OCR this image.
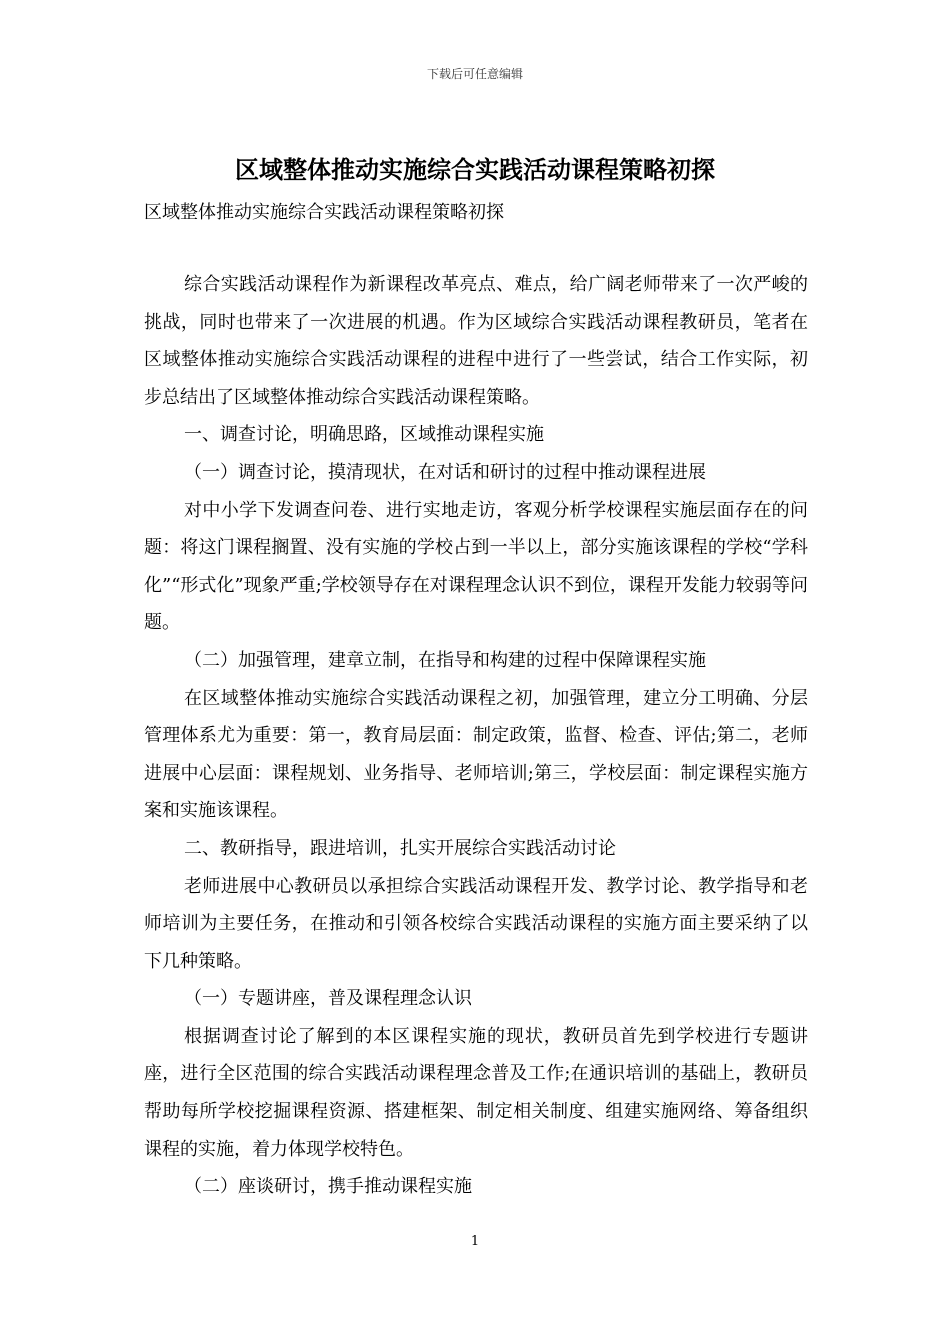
下载后可任意编辑
区域整体推动实施综合实践活动课程策略初探
区域整体推动实施综合实践活动课程策略初探

综合实践活动课程作为新课程改革亮点、难点，给广阔老师带来了一次严峻的挑战，同时也带来了一次进展的机遇。作为区域综合实践活动课程教研员，笔者在区域整体推动实施综合实践活动课程的进程中进行了一些尝试，结合工作实际，初步总结出了区域整体推动综合实践活动课程策略。

一、调查讨论，明确思路，区域推动课程实施

（一）调查讨论，摸清现状，在对话和研讨的过程中推动课程进展

对中小学下发调查问卷、进行实地走访，客观分析学校课程实施层面存在的问题：将这门课程搁置、没有实施的学校占到一半以上，部分实施该课程的学校“学科化”“形式化”现象严重;学校领导存在对课程理念认识不到位，课程开发能力较弱等问题。

（二）加强管理，建章立制，在指导和构建的过程中保障课程实施

在区域整体推动实施综合实践活动课程之初，加强管理，建立分工明确、分层管理体系尤为重要：第一，教育局层面：制定政策，监督、检查、评估;第二，老师进展中心层面：课程规划、业务指导、老师培训;第三，学校层面：制定课程实施方案和实施该课程。

二、教研指导，跟进培训，扎实开展综合实践活动讨论

老师进展中心教研员以承担综合实践活动课程开发、教学讨论、教学指导和老师培训为主要任务，在推动和引领各校综合实践活动课程的实施方面主要采纳了以下几种策略。

（一）专题讲座，普及课程理念认识

根据调查讨论了解到的本区课程实施的现状，教研员首先到学校进行专题讲座，进行全区范围的综合实践活动课程理念普及工作;在通识培训的基础上，教研员帮助每所学校挖掘课程资源、搭建框架、制定相关制度、组建实施网络、筹备组织课程的实施，着力体现学校特色。

（二）座谈研讨，携手推动课程实施

1
